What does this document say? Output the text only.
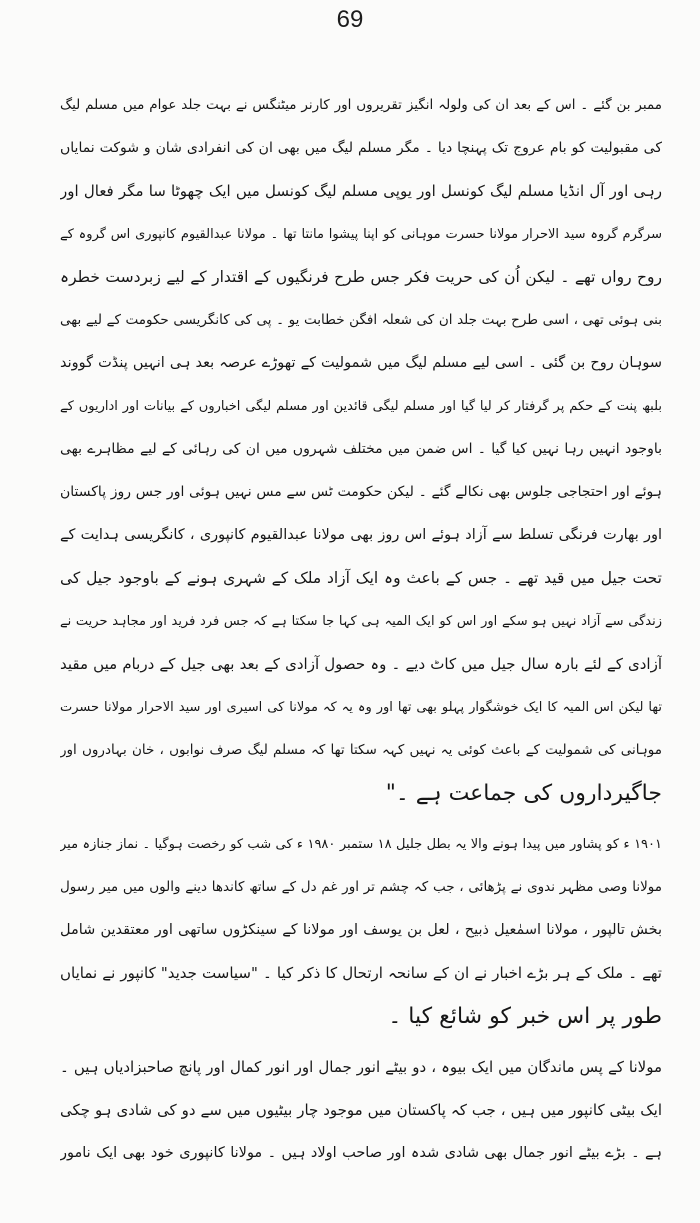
69
ممبر بن گئے ۔ اس کے بعد ان کی ولولہ انگیز تقریروں اور کارنر میٹنگس نے بہت جلد عوام میں مسلم لیگ
کی مقبولیت کو بام عروج تک پہنچا دیا ۔ مگر مسلم لیگ میں بھی ان کی انفرادی شان و شوکت نمایاں
رہی اور آل انڈیا مسلم لیگ کونسل اور یوپی مسلم لیگ کونسل میں ایک چھوٹا سا مگر فعال اور
سرگرم گروہ سید الاحرار مولانا حسرت موہانی کو اپنا پیشوا مانتا تھا ۔ مولانا عبدالقیوم کانپوری اس گروہ کے
روح رواں تھے ۔ لیکن اُن کی حریت فکر جس طرح فرنگیوں کے اقتدار کے لیے زبردست خطرہ
بنی ہوئی تھی ، اسی طرح بہت جلد ان کی شعلہ افگن خطابت یو ۔ پی کی کانگریسی حکومت کے لیے بھی
سوہان روح بن گئی ۔ اسی لیے مسلم لیگ میں شمولیت کے تھوڑے عرصہ بعد ہی انہیں پنڈت گووند
بلبھ پنت کے حکم پر گرفتار کر لیا گیا اور مسلم لیگی قائدین اور مسلم لیگی اخباروں کے بیانات اور اداریوں کے
باوجود انہیں رہا نہیں کیا گیا ۔ اس ضمن میں مختلف شہروں میں ان کی رہائی کے لیے مظاہرے بھی
ہوئے اور احتجاجی جلوس بھی نکالے گئے ۔ لیکن حکومت ٹس سے مس نہیں ہوئی اور جس روز پاکستان
اور بھارت فرنگی تسلط سے آزاد ہوئے اس روز بھی مولانا عبدالقیوم کانپوری ، کانگریسی ہدایت کے
تحت جیل میں قید تھے ۔ جس کے باعث وہ ایک آزاد ملک کے شہری ہونے کے باوجود جیل کی
زندگی سے آزاد نہیں ہو سکے اور اس کو ایک المیہ ہی کہا جا سکتا ہے کہ جس فرد فرید اور مجاہد حریت نے
آزادی کے لئے بارہ سال جیل میں کاٹ دیے ۔ وہ حصول آزادی کے بعد بھی جیل کے دربام میں مقید
تھا لیکن اس المیہ کا ایک خوشگوار پہلو بھی تھا اور وہ یہ کہ مولانا کی اسیری اور سید الاحرار مولانا حسرت
موہانی کی شمولیت کے باعث کوئی یہ نہیں کہہ سکتا تھا کہ مسلم لیگ صرف نوابوں ، خان بہادروں اور
جاگیرداروں کی جماعت ہے ۔"
۱۹۰۱ ء کو پشاور میں پیدا ہونے والا یہ بطل جلیل ۱۸ ستمبر ۱۹۸۰ ء کی شب کو رخصت ہوگیا ۔ نماز جنازہ میر
مولانا وصی مظہر ندوی نے پڑھائی ، جب کہ چشم تر اور غم دل کے ساتھ کاندھا دینے والوں میں میر رسول
بخش تالپور ، مولانا اسمٰعیل ذبیح ، لعل بن یوسف اور مولانا کے سینکڑوں ساتھی اور معتقدین شامل
تھے ۔ ملک کے ہر بڑے اخبار نے ان کے سانحہ ارتحال کا ذکر کیا ۔ "سیاست جدید" کانپور نے نمایاں
طور پر اس خبر کو شائع کیا ۔
مولانا کے پس ماندگان میں ایک بیوہ ، دو بیٹے انور جمال اور انور کمال اور پانچ صاحبزادیاں ہیں ۔
ایک بیٹی کانپور میں ہیں ، جب کہ پاکستان میں موجود چار بیٹیوں میں سے دو کی شادی ہو چکی
ہے ۔ بڑے بیٹے انور جمال بھی شادی شدہ اور صاحب اولاد ہیں ۔ مولانا کانپوری خود بھی ایک نامور
